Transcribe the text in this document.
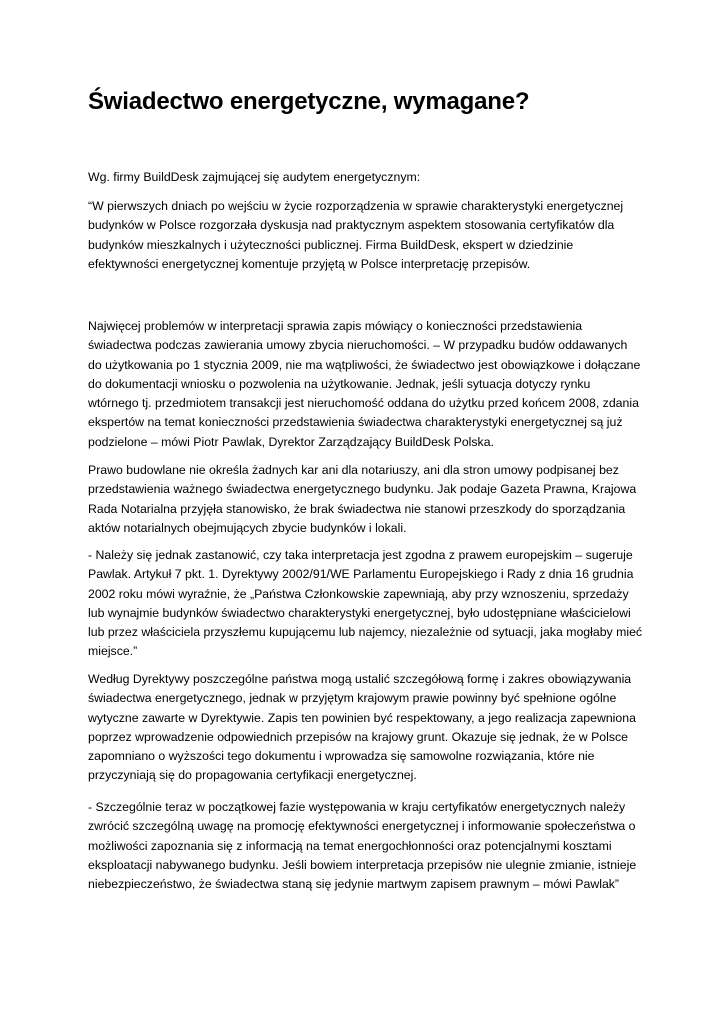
Świadectwo energetyczne, wymagane?

Wg. firmy BuildDesk zajmującej się audytem energetycznym:

“W pierwszych dniach po wejściu w życie rozporządzenia w sprawie charakterystyki energetycznej budynków w Polsce rozgorzała dyskusja nad praktycznym aspektem stosowania certyfikatów dla budynków mieszkalnych i użyteczności publicznej. Firma BuildDesk, ekspert w dziedzinie efektywności energetycznej komentuje przyjętą w Polsce interpretację przepisów.

Najwięcej problemów w interpretacji sprawia zapis mówiący o konieczności przedstawienia świadectwa podczas zawierania umowy zbycia nieruchomości. – W przypadku budów oddawanych do użytkowania po 1 stycznia 2009, nie ma wątpliwości, że świadectwo jest obowiązkowe i dołączane do dokumentacji wniosku o pozwolenia na użytkowanie. Jednak, jeśli sytuacja dotyczy rynku wtórnego tj. przedmiotem transakcji jest nieruchomość oddana do użytku przed końcem 2008, zdania ekspertów na temat konieczności przedstawienia świadectwa charakterystyki energetycznej są już podzielone – mówi Piotr Pawlak, Dyrektor Zarządzający BuildDesk Polska.

Prawo budowlane nie określa żadnych kar ani dla notariuszy, ani dla stron umowy podpisanej bez przedstawienia ważnego świadectwa energetycznego budynku. Jak podaje Gazeta Prawna, Krajowa Rada Notarialna przyjęła stanowisko, że brak świadectwa nie stanowi przeszkody do sporządzania aktów notarialnych obejmujących zbycie budynków i lokali.

- Należy się jednak zastanowić, czy taka interpretacja jest zgodna z prawem europejskim – sugeruje Pawlak. Artykuł 7 pkt. 1. Dyrektywy 2002/91/WE Parlamentu Europejskiego i Rady z dnia 16 grudnia 2002 roku mówi wyraźnie, że „Państwa Członkowskie zapewniają, aby przy wznoszeniu, sprzedaży lub wynajmie budynków świadectwo charakterystyki energetycznej, było udostępniane właścicielowi lub przez właściciela przyszłemu kupującemu lub najemcy, niezależnie od sytuacji, jaka mogłaby mieć miejsce.”

Według Dyrektywy poszczególne państwa mogą ustalić szczegółową formę i zakres obowiązywania świadectwa energetycznego, jednak w przyjętym krajowym prawie powinny być spełnione ogólne wytyczne zawarte w Dyrektywie. Zapis ten powinien być respektowany, a jego realizacja zapewniona poprzez wprowadzenie odpowiednich przepisów na krajowy grunt. Okazuje się jednak, że w Polsce zapomniano o wyższości tego dokumentu i wprowadza się samowolne rozwiązania, które nie przyczyniają się do propagowania certyfikacji energetycznej.

- Szczególnie teraz w początkowej fazie występowania w kraju certyfikatów energetycznych należy zwrócić szczególną uwagę na promocję efektywności energetycznej i informowanie społeczeństwa o możliwości zapoznania się z informacją na temat energochłonności oraz potencjalnymi kosztami eksploatacji nabywanego budynku. Jeśli bowiem interpretacja przepisów nie ulegnie zmianie, istnieje niebezpieczeństwo, że świadectwa staną się jedynie martwym zapisem prawnym – mówi Pawlak”
